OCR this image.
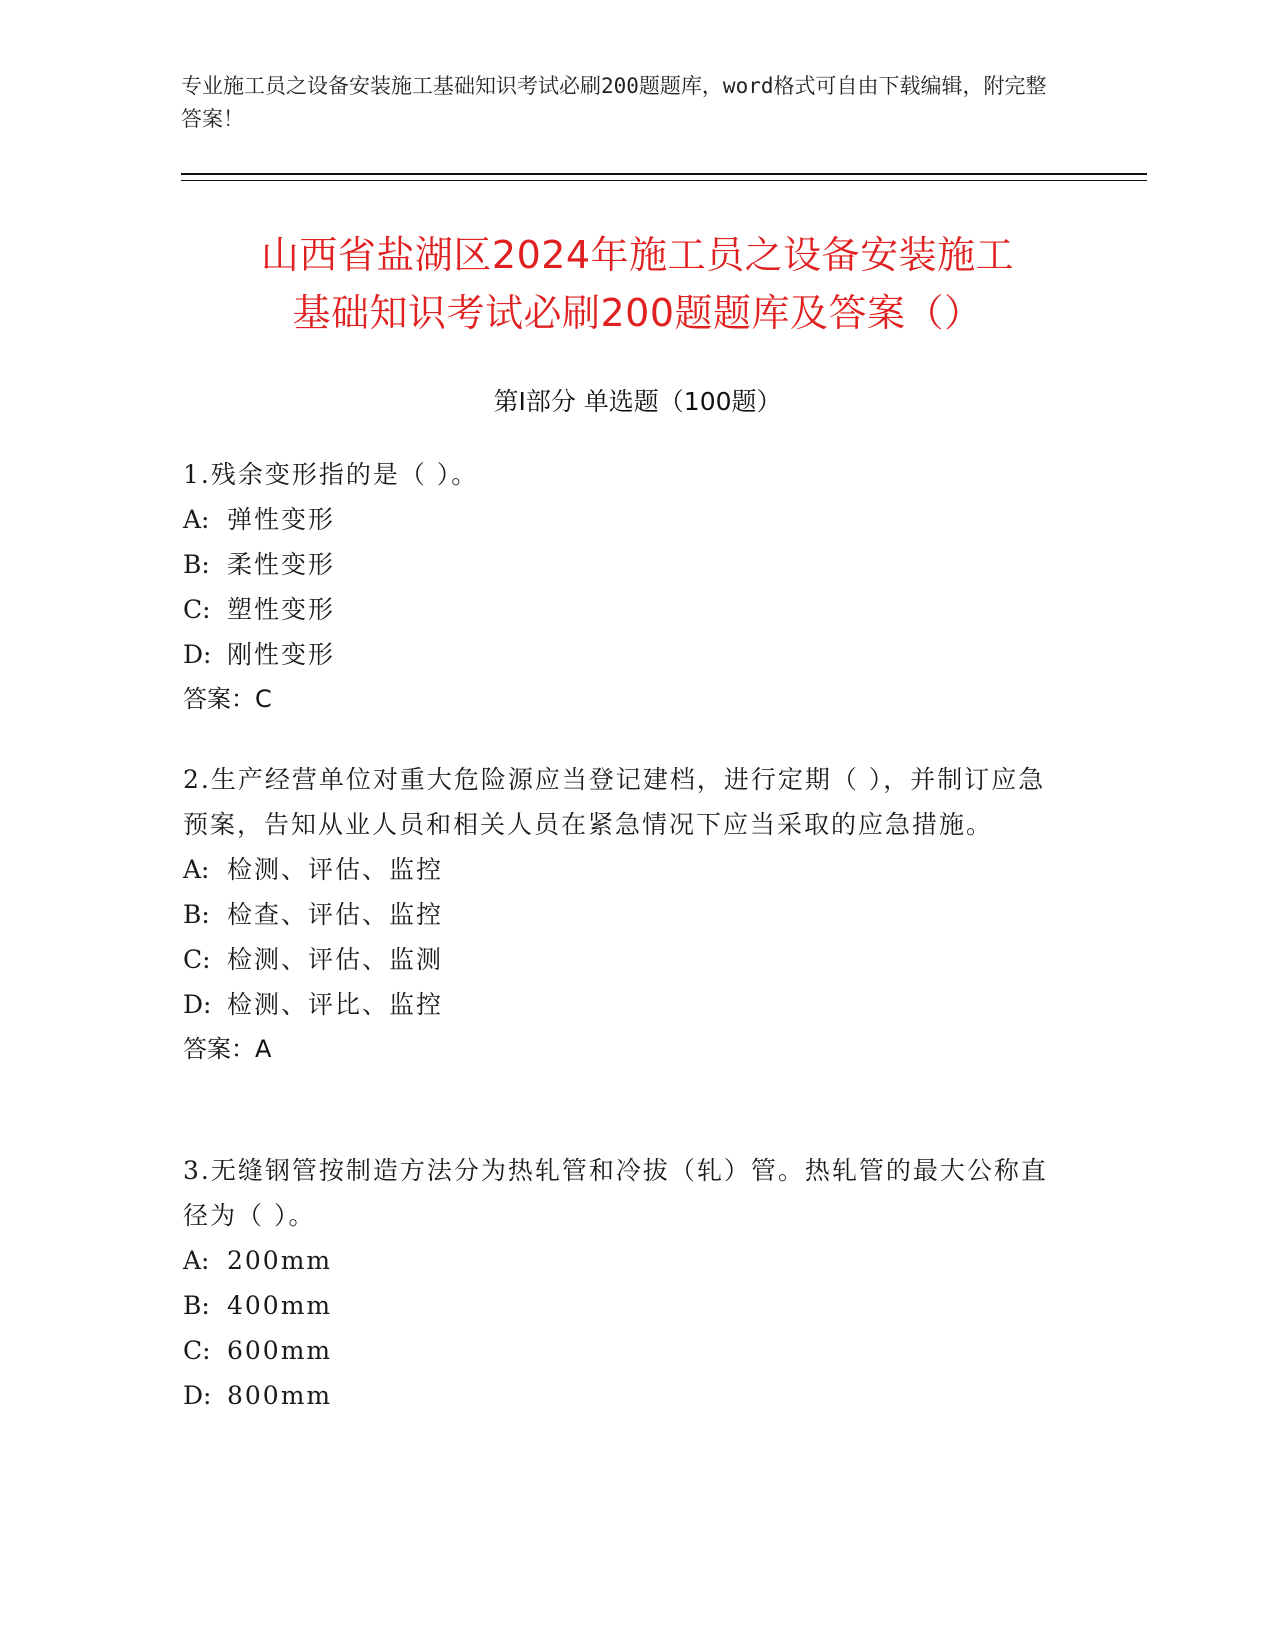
专业施工员之设备安装施工基础知识考试必刷200题题库，word格式可自由下载编辑，附完整答案！
山西省盐湖区2024年施工员之设备安装施工
基础知识考试必刷200题题库及答案（）
第Ⅰ部分 单选题（100题）

1.残余变形指的是（ ）。

A: 弹性变形

B: 柔性变形

C: 塑性变形

D: 刚性变形

答案：C

2.生产经营单位对重大危险源应当登记建档，进行定期（ ），并制订应急预案，告知从业人员和相关人员在紧急情况下应当采取的应急措施。

A: 检测、评估、监控

B: 检查、评估、监控

C: 检测、评估、监测

D: 检测、评比、监控

答案：A

3.无缝钢管按制造方法分为热轧管和冷拔（轧）管。热轧管的最大公称直径为（ ）。

A: 200mm

B: 400mm

C: 600mm

D: 800mm
